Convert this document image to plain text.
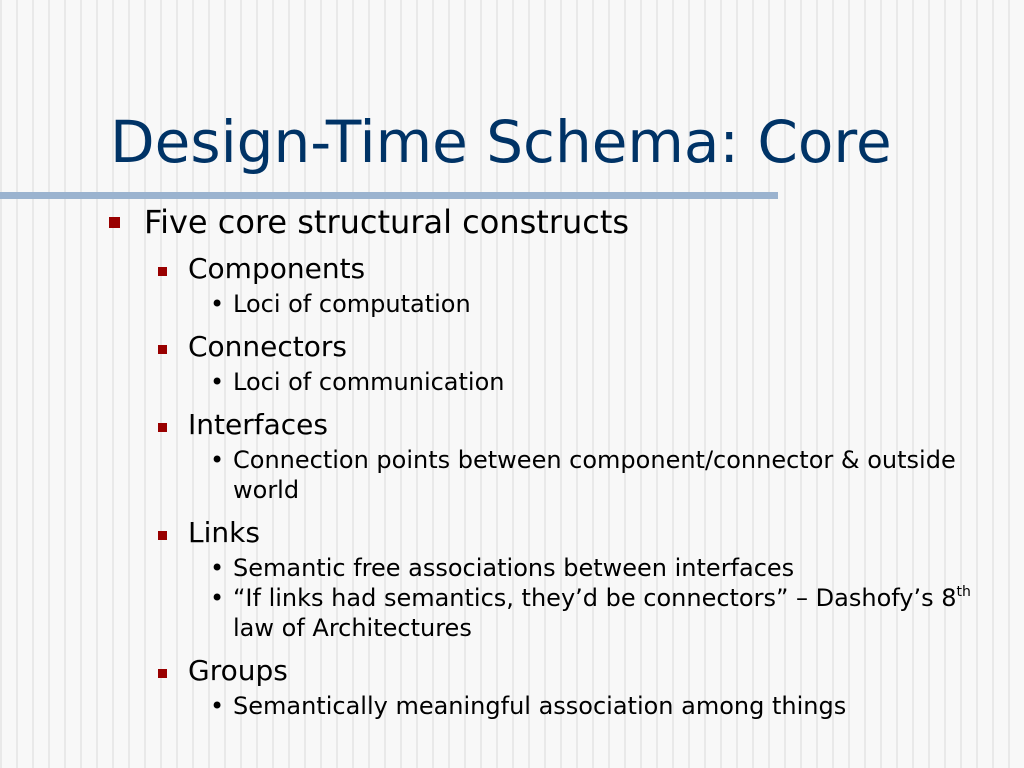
Design-Time Schema: Core
Five core structural constructs
Components
• Loci of computation
Connectors
• Loci of communication
Interfaces
• Connection points between component/connector & outside world
Links
• Semantic free associations between interfaces
• “If links had semantics, they’d be connectors” – Dashofy’s 8th law of Architectures
Groups
• Semantically meaningful association among things
